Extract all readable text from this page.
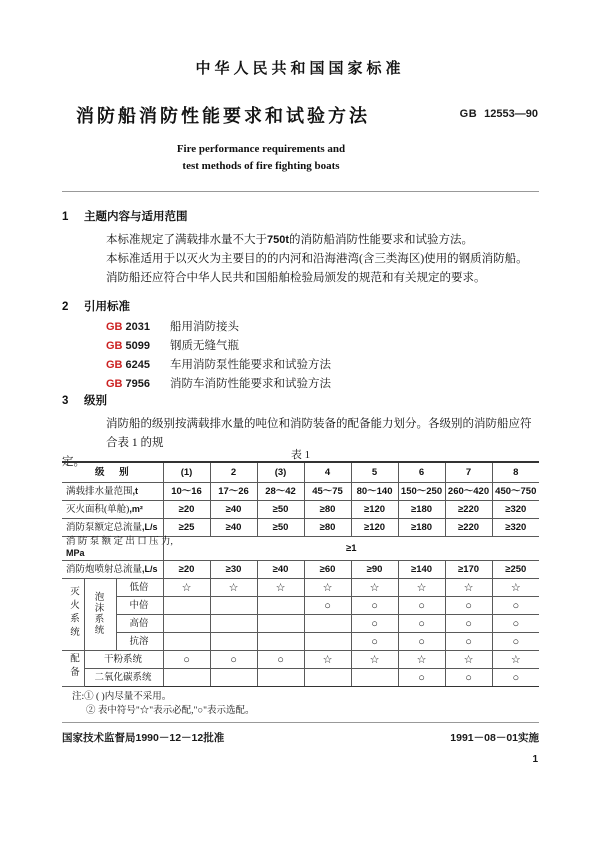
中华人民共和国国家标准
消防船消防性能要求和试验方法	GB 12553—90
Fire performance requirements and
test methods of fire fighting boats
1 主题内容与适用范围
本标准规定了满载排水量不大于750t的消防船消防性能要求和试验方法。
本标准适用于以灭火为主要目的的内河和沿海港湾(含三类海区)使用的钢质消防船。
消防船还应符合中华人民共和国船舶检验局颁发的规范和有关规定的要求。
2 引用标准
GB 2031 船用消防接头
GB 5099 钢质无缝气瓶
GB 6245 车用消防泵性能要求和试验方法
GB 7956 消防车消防性能要求和试验方法
3 级别
消防船的级别按满载排水量的吨位和消防装备的配备能力划分。各级别的消防船应符合表 1 的规
定。
表 1
级 别			(1)	2	(3)	4	5	6	7	8
满载排水量范围,t			10～16	17～26	28～42	45～75	80～140	150～250	260～420	450～750
灭火面积(单舱),m²			≥20	≥40	≥50	≥80	≥120	≥180	≥220	≥320
消防泵额定总流量,L/s			≥25	≥40	≥50	≥80	≥120	≥180	≥220	≥320

消 防 泵 额 定 出 口 压 力,
MPa			≥1							
消防炮喷射总流量,L/s			≥20	≥30	≥40	≥60	≥90	≥140	≥170	≥250
灭火系统	泡沫系统	低倍	☆	☆	☆	☆	☆	☆	☆	☆
		中倍				○	○	○	○	○
		高倍					○	○	○	○
		抗溶					○	○	○	○
配备	干粉系统		○	○	○	☆	☆	☆	☆	☆
	二氧化碳系统							○	○	○
注:① ( )内尽量不采用。
② 表中符号"☆"表示必配,"○"表示选配。
国家技术监督局1990－12－12批准	1991－08－01实施
1
